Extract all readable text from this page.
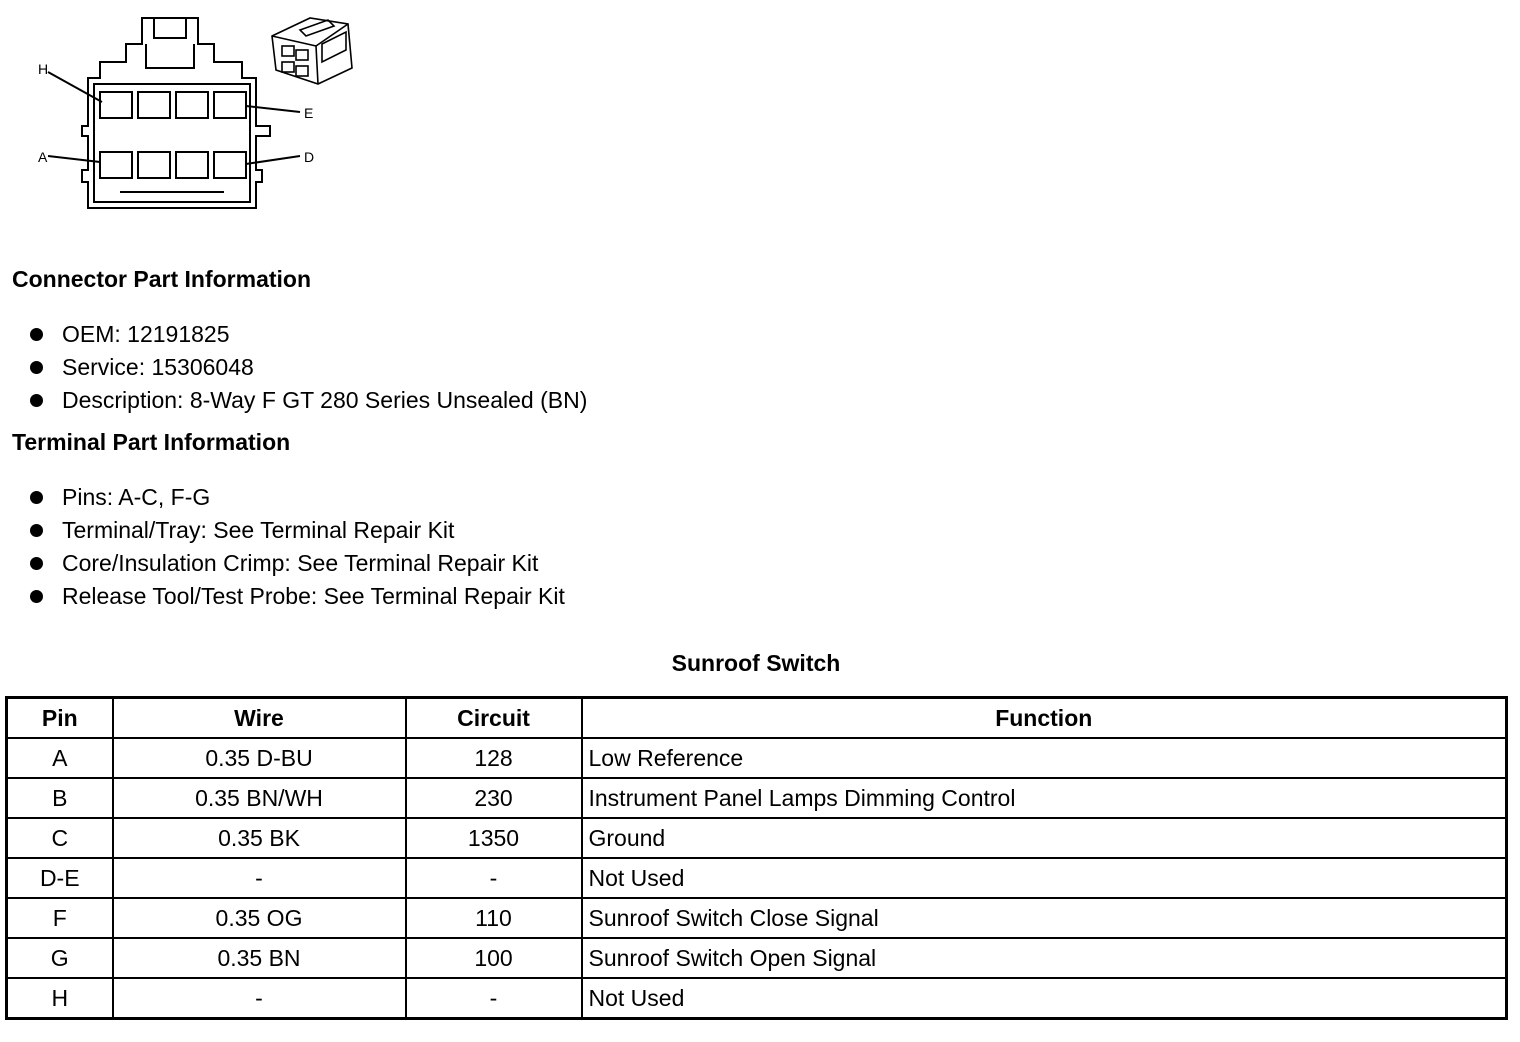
H
E
A	D
Connector Part Information
OEM: 12191825
Service: 15306048
Description: 8-Way F GT 280 Series Unsealed (BN)
Terminal Part Information
Pins: A-C, F-G
Terminal/Tray: See Terminal Repair Kit
Core/Insulation Crimp: See Terminal Repair Kit
Release Tool/Test Probe: See Terminal Repair Kit
Sunroof Switch
Pin	Wire	Circuit	Function
A	0.35 D-BU	128	Low Reference
B	0.35 BN/WH	230	Instrument Panel Lamps Dimming Control
C	0.35 BK	1350	Ground
D-E	-	-	Not Used
F	0.35 OG	110	Sunroof Switch Close Signal
G	0.35 BN	100	Sunroof Switch Open Signal
H	-	-	Not Used
